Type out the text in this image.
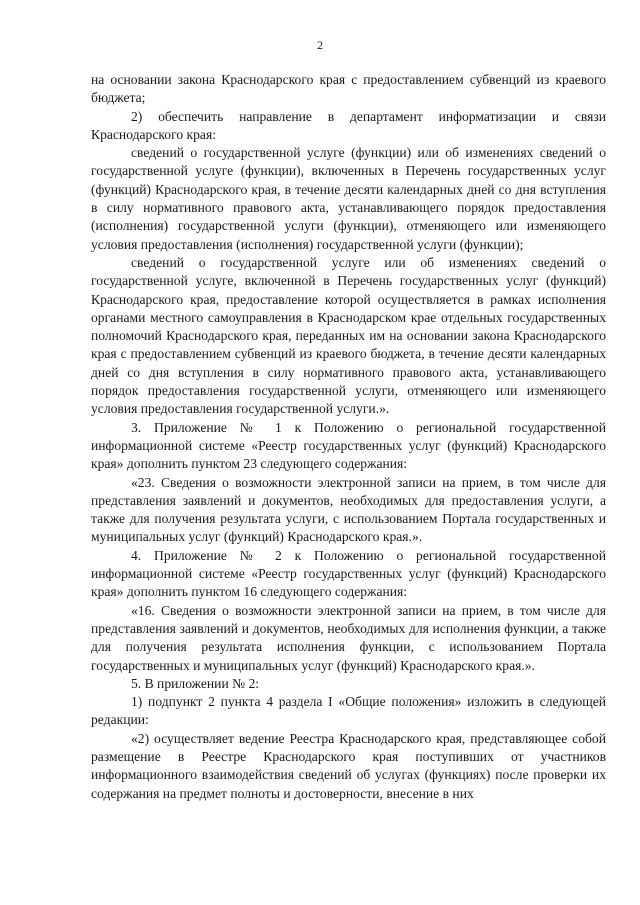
2

на основании закона Краснодарского края с предоставлением субвенций из краевого бюджета;

2) обеспечить направление в департамент информатизации и связи Краснодарского края:

сведений о государственной услуге (функции) или об изменениях сведений о государственной услуге (функции), включенных в Перечень государственных услуг (функций) Краснодарского края, в течение десяти календарных дней со дня вступления в силу нормативного правового акта, устанавливающего порядок предоставления (исполнения) государственной услуги (функции), отменяющего или изменяющего условия предоставления (исполнения) государственной услуги (функции);

сведений о государственной услуге или об изменениях сведений о государственной услуге, включенной в Перечень государственных услуг (функций) Краснодарского края, предоставление которой осуществляется в рамках исполнения органами местного самоуправления в Краснодарском крае отдельных государственных полномочий Краснодарского края, переданных им на основании закона Краснодарского края с предоставлением субвенций из краевого бюджета, в течение десяти календарных дней со дня вступления в силу нормативного правового акта, устанавливающего порядок предоставления государственной услуги, отменяющего или изменяющего условия предоставления государственной услуги.».

3. Приложение № 1 к Положению о региональной государственной информационной системе «Реестр государственных услуг (функций) Краснодарского края» дополнить пунктом 23 следующего содержания:

«23. Сведения о возможности электронной записи на прием, в том числе для представления заявлений и документов, необходимых для предоставления услуги, а также для получения результата услуги, с использованием Портала государственных и муниципальных услуг (функций) Краснодарского края.».

4. Приложение № 2 к Положению о региональной государственной информационной системе «Реестр государственных услуг (функций) Краснодарского края» дополнить пунктом 16 следующего содержания:

«16. Сведения о возможности электронной записи на прием, в том числе для представления заявлений и документов, необходимых для исполнения функции, а также для получения результата исполнения функции, с использованием Портала государственных и муниципальных услуг (функций) Краснодарского края.».

5. В приложении № 2:

1) подпункт 2 пункта 4 раздела I «Общие положения» изложить в следующей редакции:

«2) осуществляет ведение Реестра Краснодарского края, представляющее собой размещение в Реестре Краснодарского края поступивших от участников информационного взаимодействия сведений об услугах (функциях) после проверки их содержания на предмет полноты и достоверности, внесение в них
